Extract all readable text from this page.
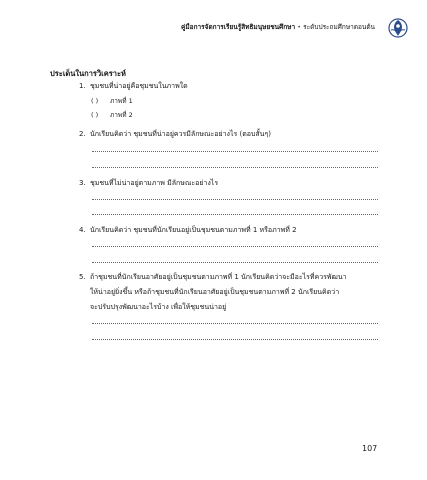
คู่มือการจัดการเรียนรู้สิทธิมนุษยชนศึกษา • ระดับประถมศึกษาตอนต้น
ประเด็นในการวิเคราะห์
1. ชุมชนที่น่าอยู่คือชุมชนในภาพใด
( ) ภาพที่ 1
( ) ภาพที่ 2
2. นักเรียนคิดว่า ชุมชนที่น่าอยู่ควรมีลักษณะอย่างไร (ตอบสั้นๆ)
3. ชุมชนที่ไม่น่าอยู่ตามภาพ มีลักษณะอย่างไร
4. นักเรียนคิดว่า ชุมชนที่นักเรียนอยู่เป็นชุมชนตามภาพที่ 1 หรือภาพที่ 2
5. ถ้าชุมชนที่นักเรียนอาศัยอยู่เป็นชุมชนตามภาพที่ 1 นักเรียนคิดว่าจะมีอะไรที่ควรพัฒนา
ให้น่าอยู่ยิ่งขึ้น หรือถ้าชุมชนที่นักเรียนอาศัยอยู่เป็นชุมชนตามภาพที่ 2 นักเรียนคิดว่า
จะปรับปรุงพัฒนาอะไรบ้าง เพื่อให้ชุมชนน่าอยู่
107
